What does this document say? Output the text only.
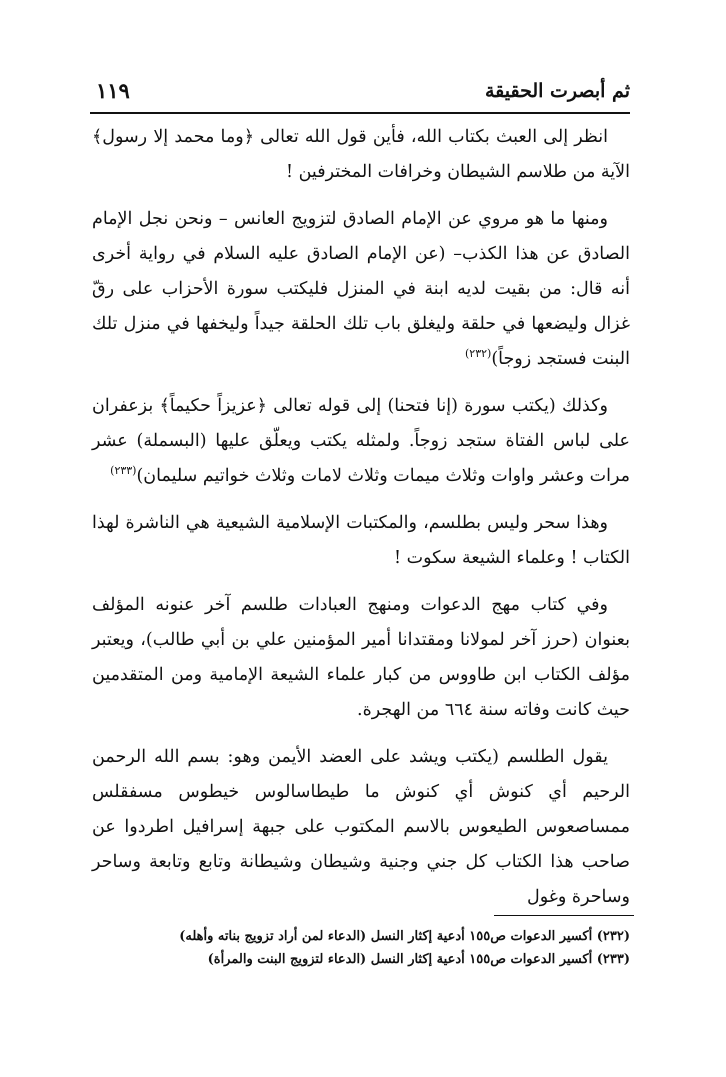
ثم أبصرت الحقيقة
١١٩

انظر إلى العبث بكتاب الله، فأين قول الله تعالى ﴿وما محمد إلا رسول﴾ الآية من طلاسم الشيطان وخرافات المخترفين !

ومنها ما هو مروي عن الإمام الصادق لتزويج العانس – ونحن نجل الإمام الصادق عن هذا الكذب– (عن الإمام الصادق عليه السلام في رواية أخرى أنه قال: من بقيت لديه ابنة في المنزل فليكتب سورة الأحزاب على رقّ غزال وليضعها في حلقة وليغلق باب تلك الحلقة جيداً وليخفها في منزل تلك البنت فستجد زوجاً)$^{(٢٣٢)}$

وكذلك (يكتب سورة (إنا فتحنا) إلى قوله تعالى ﴿عزيزاً حكيماً﴾ بزعفران على لباس الفتاة ستجد زوجاً. ولمثله يكتب ويعلّق عليها (البسملة) عشر مرات وعشر واوات وثلاث ميمات وثلاث لامات وثلاث خواتيم سليمان)$^{(٢٣٣)}$

وهذا سحر وليس بطلسم، والمكتبات الإسلامية الشيعية هي الناشرة لهذا الكتاب ! وعلماء الشيعة سكوت !

وفي كتاب مهج الدعوات ومنهج العبادات طلسم آخر عنونه المؤلف بعنوان (حرز آخر لمولانا ومقتدانا أمير المؤمنين علي بن أبي طالب)، ويعتبر مؤلف الكتاب ابن طاووس من كبار علماء الشيعة الإمامية ومن المتقدمين حيث كانت وفاته سنة ٦٦٤ من الهجرة.

يقول الطلسم (يكتب ويشد على العضد الأيمن وهو: بسم الله الرحمن الرحيم أي كنوش أي كنوش ما طيطاسالوس خيطوس مسفقلس ممساصعوس الطيعوس بالاسم المكتوب على جبهة إسرافيل اطردوا عن صاحب هذا الكتاب كل جني وجنية وشيطان وشيطانة وتابع وتابعة وساحر وساحرة وغول

(٢٣٢) أكسير الدعوات ص١٥٥ أدعية إكثار النسل (الدعاء لمن أراد تزويج بناته وأهله)

(٢٣٣) أكسير الدعوات ص١٥٥ أدعية إكثار النسل (الدعاء لتزويج البنت والمرأة)
